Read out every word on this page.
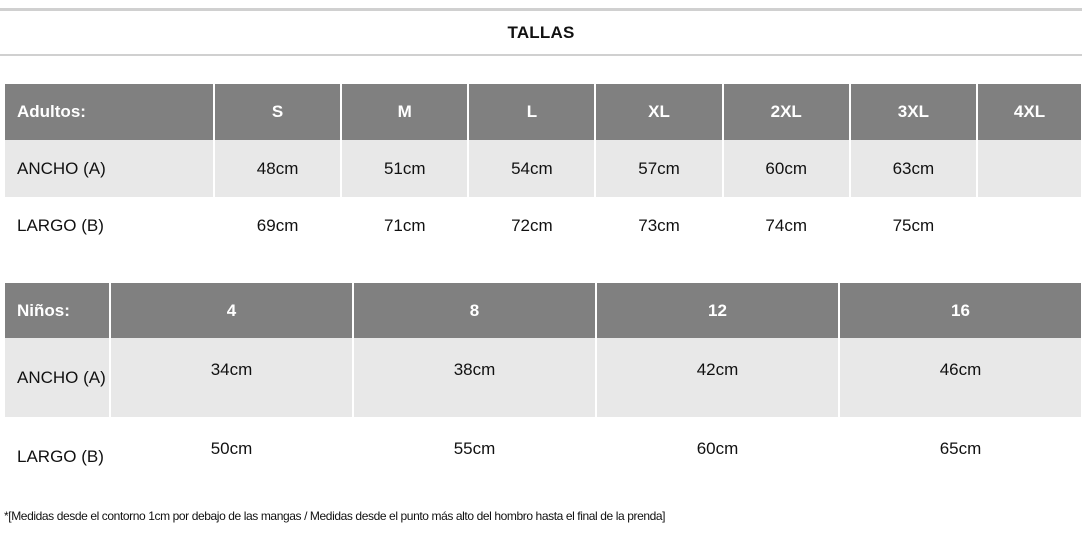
TALLAS
Adultos:	S	M	L	XL	2XL	3XL	4XL
ANCHO (A)	48cm	51cm	54cm	57cm	60cm	63cm	
LARGO (B)	69cm	71cm	72cm	73cm	74cm	75cm	
Niños:	4	8	12	16
ANCHO (A)	34cm	38cm	42cm	46cm
LARGO (B)	50cm	55cm	60cm	65cm
*[Medidas desde el contorno 1cm por debajo de las mangas / Medidas desde el punto más alto del hombro hasta el final de la prenda]
